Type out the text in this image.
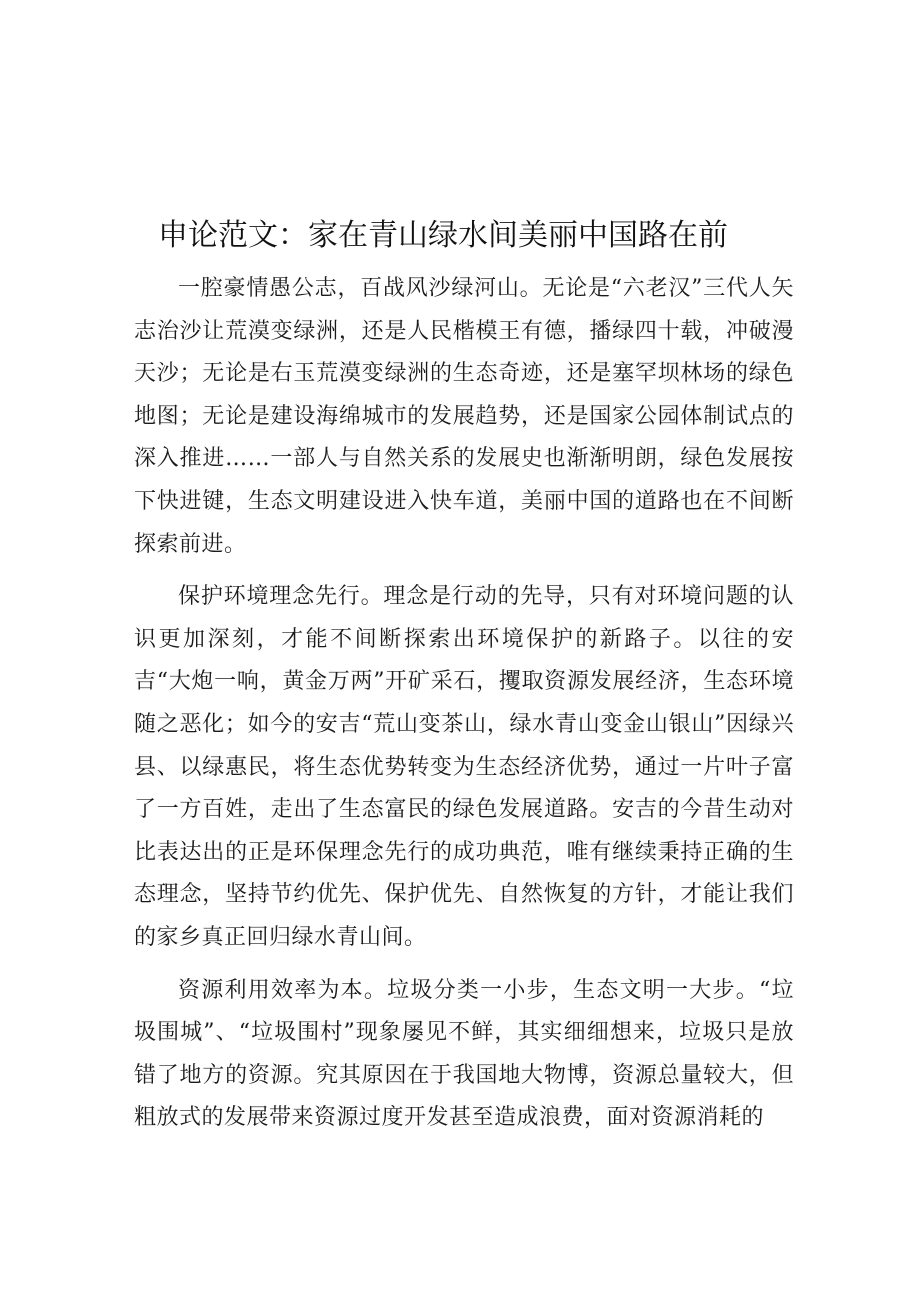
申论范文：家在青山绿水间美丽中国路在前

一腔豪情愚公志，百战风沙绿河山。无论是“六老汉”三代人矢志治沙让荒漠变绿洲，还是人民楷模王有德，播绿四十载，冲破漫天沙；无论是右玉荒漠变绿洲的生态奇迹，还是塞罕坝林场的绿色地图；无论是建设海绵城市的发展趋势，还是国家公园体制试点的深入推进……一部人与自然关系的发展史也渐渐明朗，绿色发展按下快进键，生态文明建设进入快车道，美丽中国的道路也在不间断探索前进。

保护环境理念先行。理念是行动的先导，只有对环境问题的认识更加深刻，才能不间断探索出环境保护的新路子。以往的安吉“大炮一响，黄金万两”开矿采石，攫取资源发展经济，生态环境随之恶化；如今的安吉“荒山变茶山，绿水青山变金山银山”因绿兴县、以绿惠民，将生态优势转变为生态经济优势，通过一片叶子富了一方百姓，走出了生态富民的绿色发展道路。安吉的今昔生动对比表达出的正是环保理念先行的成功典范，唯有继续秉持正确的生态理念，坚持节约优先、保护优先、自然恢复的方针，才能让我们的家乡真正回归绿水青山间。

资源利用效率为本。垃圾分类一小步，生态文明一大步。“垃圾围城”、“垃圾围村”现象屡见不鲜，其实细细想来，垃圾只是放错了地方的资源。究其原因在于我国地大物博，资源总量较大，但粗放式的发展带来资源过度开发甚至造成浪费，面对资源消耗的
